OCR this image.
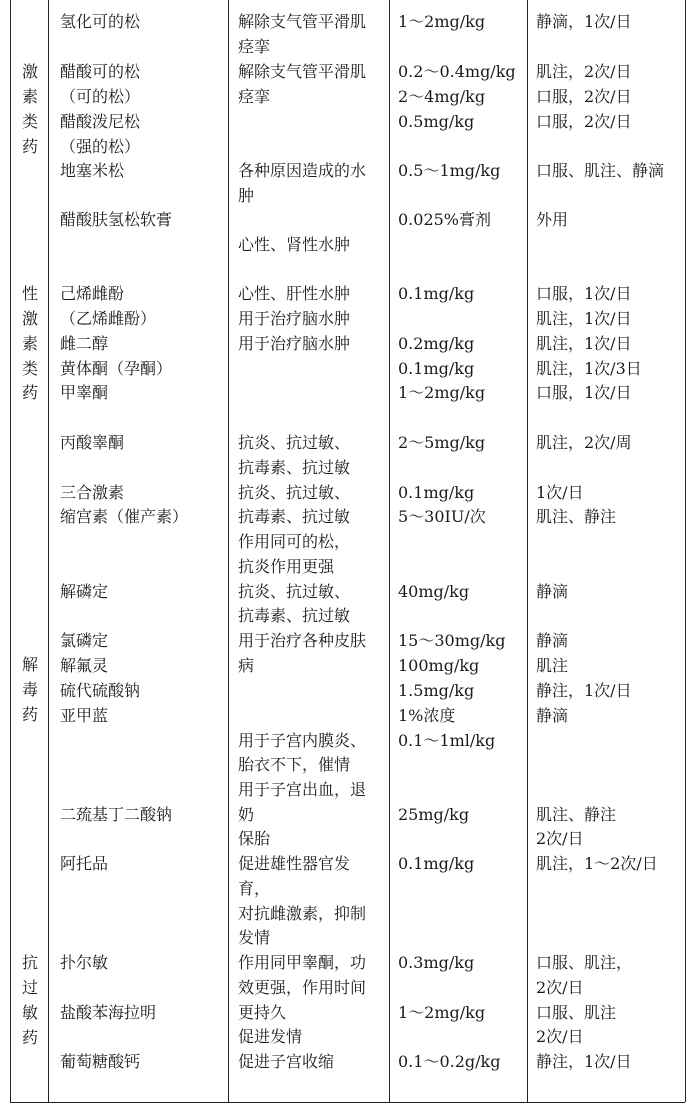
激
素
类
药
性
激
素
类
药
解
毒
药
抗
过
敏
药
氢化可的松
醋酸可的松
（可的松）
醋酸泼尼松
（强的松）
地塞米松
醋酸肤氢松软膏
己烯雌酚
（乙烯雌酚）
雌二醇
黄体酮（孕酮）
甲睾酮
丙酸睾酮
三合激素
缩宫素（催产素）
解磷定
氯磷定
解氟灵
硫代硫酸钠
亚甲蓝
二巯基丁二酸钠
阿托品
扑尔敏
盐酸苯海拉明
葡萄糖酸钙
解除支气管平滑肌
痉挛
解除支气管平滑肌
痉挛
各种原因造成的水
肿
心性、肾性水肿
心性、肝性水肿
用于治疗脑水肿
用于治疗脑水肿
抗炎、抗过敏、
抗毒素、抗过敏
抗炎、抗过敏、
抗毒素、抗过敏
作用同可的松，
抗炎作用更强
抗炎、抗过敏、
抗毒素、抗过敏
用于治疗各种皮肤
病
用于子宫内膜炎、
胎衣不下，催情
用于子宫出血，退
奶
保胎
促进雄性器官发
育，
对抗雌激素，抑制
发情
作用同甲睾酮，功
效更强，作用时间
更持久
促进发情
促进子宫收缩
1～2mg/kg
0.2～0.4mg/kg
2～4mg/kg
0.5mg/kg
0.5～1mg/kg
0.025%膏剂
0.1mg/kg
0.2mg/kg
0.1mg/kg
1～2mg/kg
2～5mg/kg
0.1mg/kg
5～30IU/次
40mg/kg
15～30mg/kg
100mg/kg
1.5mg/kg
1%浓度
0.1～1ml/kg
25mg/kg
0.1mg/kg
0.3mg/kg
1～2mg/kg
0.1～0.2g/kg
静滴，1次/日
肌注，2次/日
口服，2次/日
口服，2次/日
口服、肌注、静滴
外用
口服，1次/日
肌注，1次/日
肌注，1次/日
肌注，1次/3日
口服，1次/日
肌注，2次/周
1次/日
肌注、静注
静滴
静滴
肌注
静注，1次/日
静滴
肌注、静注
2次/日
肌注，1～2次/日
口服、肌注，
2次/日
口服、肌注
2次/日
静注，1次/日
